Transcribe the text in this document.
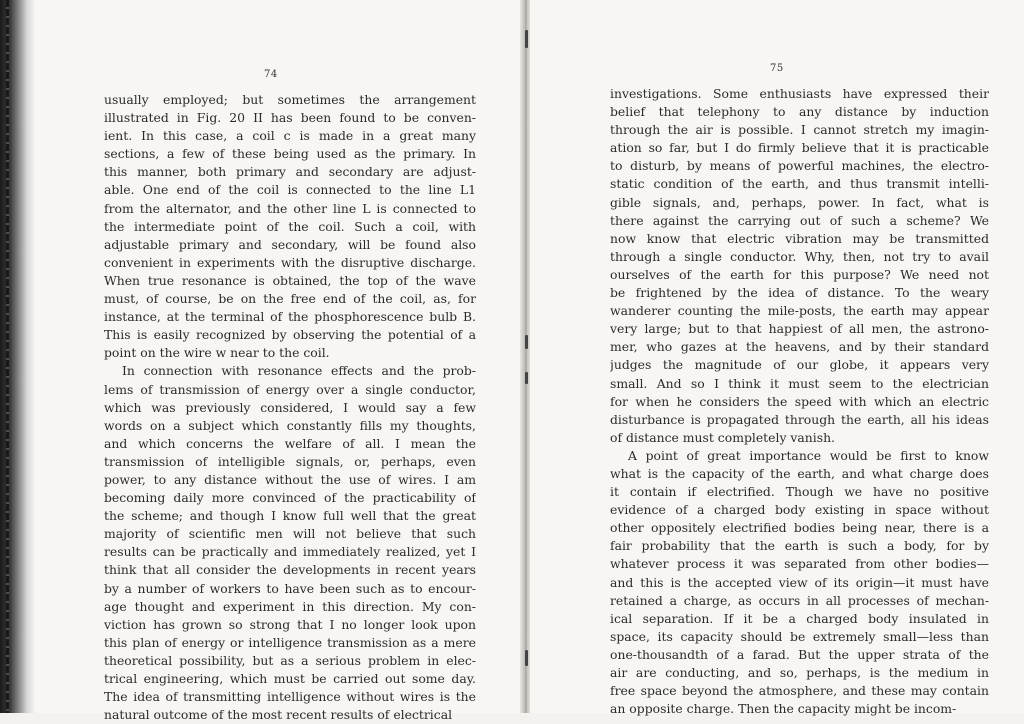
74
usually employed; but sometimes the arrangement
illustrated in Fig. 20 II has been found to be conven-
ient. In this case, a coil c is made in a great many
sections, a few of these being used as the primary. In
this manner, both primary and secondary are adjust-
able. One end of the coil is connected to the line L1
from the alternator, and the other line L is connected to
the intermediate point of the coil. Such a coil, with
adjustable primary and secondary, will be found also
convenient in experiments with the disruptive discharge.
When true resonance is obtained, the top of the wave
must, of course, be on the free end of the coil, as, for
instance, at the terminal of the phosphorescence bulb B.
This is easily recognized by observing the potential of a
point on the wire w near to the coil.
In connection with resonance effects and the prob-
lems of transmission of energy over a single conductor,
which was previously considered, I would say a few
words on a subject which constantly fills my thoughts,
and which concerns the welfare of all. I mean the
transmission of intelligible signals, or, perhaps, even
power, to any distance without the use of wires. I am
becoming daily more convinced of the practicability of
the scheme; and though I know full well that the great
majority of scientific men will not believe that such
results can be practically and immediately realized, yet I
think that all consider the developments in recent years
by a number of workers to have been such as to encour-
age thought and experiment in this direction. My con-
viction has grown so strong that I no longer look upon
this plan of energy or intelligence transmission as a mere
theoretical possibility, but as a serious problem in elec-
trical engineering, which must be carried out some day.
The idea of transmitting intelligence without wires is the
natural outcome of the most recent results of electrical
75
investigations. Some enthusiasts have expressed their
belief that telephony to any distance by induction
through the air is possible. I cannot stretch my imagin-
ation so far, but I do firmly believe that it is practicable
to disturb, by means of powerful machines, the electro-
static condition of the earth, and thus transmit intelli-
gible signals, and, perhaps, power. In fact, what is
there against the carrying out of such a scheme? We
now know that electric vibration may be transmitted
through a single conductor. Why, then, not try to avail
ourselves of the earth for this purpose? We need not
be frightened by the idea of distance. To the weary
wanderer counting the mile-posts, the earth may appear
very large; but to that happiest of all men, the astrono-
mer, who gazes at the heavens, and by their standard
judges the magnitude of our globe, it appears very
small. And so I think it must seem to the electrician
for when he considers the speed with which an electric
disturbance is propagated through the earth, all his ideas
of distance must completely vanish.
A point of great importance would be first to know
what is the capacity of the earth, and what charge does
it contain if electrified. Though we have no positive
evidence of a charged body existing in space without
other oppositely electrified bodies being near, there is a
fair probability that the earth is such a body, for by
whatever process it was separated from other bodies—
and this is the accepted view of its origin—it must have
retained a charge, as occurs in all processes of mechan-
ical separation. If it be a charged body insulated in
space, its capacity should be extremely small—less than
one-thousandth of a farad. But the upper strata of the
air are conducting, and so, perhaps, is the medium in
free space beyond the atmosphere, and these may contain
an opposite charge. Then the capacity might be incom-
